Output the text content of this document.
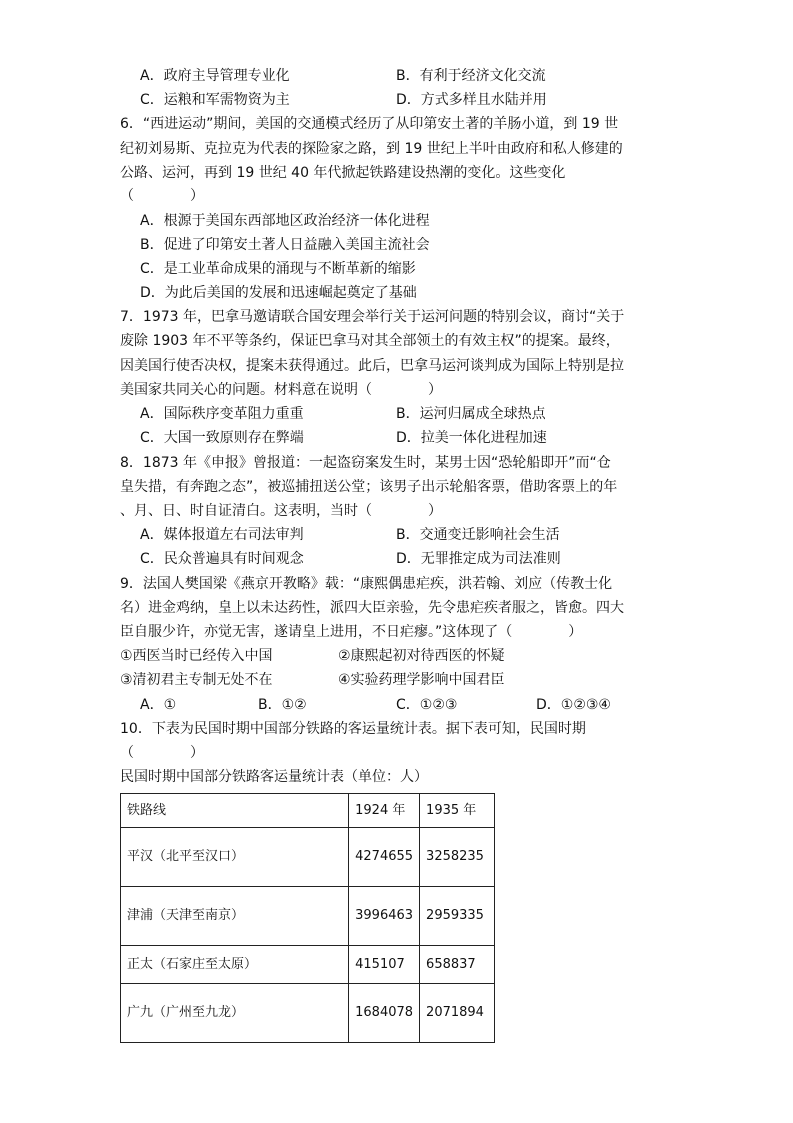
A．政府主导管理专业化	B．有利于经济文化交流
C．运粮和军需物资为主	D．方式多样且水陆并用
6．“西进运动”期间，美国的交通模式经历了从印第安土著的羊肠小道，到 19 世
纪初刘易斯、克拉克为代表的探险家之路，到 19 世纪上半叶由政府和私人修建的
公路、运河，再到 19 世纪 40 年代掀起铁路建设热潮的变化。这些变化
（　　　　）
A．根源于美国东西部地区政治经济一体化进程
B．促进了印第安土著人日益融入美国主流社会
C．是工业革命成果的涌现与不断革新的缩影
D．为此后美国的发展和迅速崛起奠定了基础
7．1973 年，巴拿马邀请联合国安理会举行关于运河问题的特别会议，商讨“关于
废除 1903 年不平等条约，保证巴拿马对其全部领土的有效主权”的提案。最终，
因美国行使否决权，提案未获得通过。此后，巴拿马运河谈判成为国际上特别是拉
美国家共同关心的问题。材料意在说明（　　　　）
A．国际秩序变革阻力重重	B．运河归属成全球热点
C．大国一致原则存在弊端	D．拉美一体化进程加速
8．1873 年《申报》曾报道：一起盗窃案发生时，某男士因“恐轮船即开”而“仓
皇失措，有奔跑之态”，被巡捕扭送公堂；该男子出示轮船客票，借助客票上的年
、月、日、时自证清白。这表明，当时（　　　　）
A．媒体报道左右司法审判	B．交通变迁影响社会生活
C．民众普遍具有时间观念	D．无罪推定成为司法准则
9．法国人樊国梁《燕京开教略》载：“康熙偶患疟疾，洪若翰、刘应（传教士化
名）进金鸡纳，皇上以未达药性，派四大臣亲验，先令患疟疾者服之，皆愈。四大
臣自服少许，亦觉无害，遂请皇上进用，不日疟瘳。”这体现了（　　　　）
①西医当时已经传入中国	②康熙起初对待西医的怀疑
③清初君主专制无处不在	④实验药理学影响中国君臣
A．①	B．①②	C．①②③	D．①②③④
10．下表为民国时期中国部分铁路的客运量统计表。据下表可知，民国时期
（　　　　）
民国时期中国部分铁路客运量统计表（单位：人）
铁路线	1924 年	1935 年
平汉（北平至汉口）	4274655	3258235
津浦（天津至南京）	3996463	2959335
正太（石家庄至太原）	415107	658837
广九（广州至九龙）	1684078	2071894
